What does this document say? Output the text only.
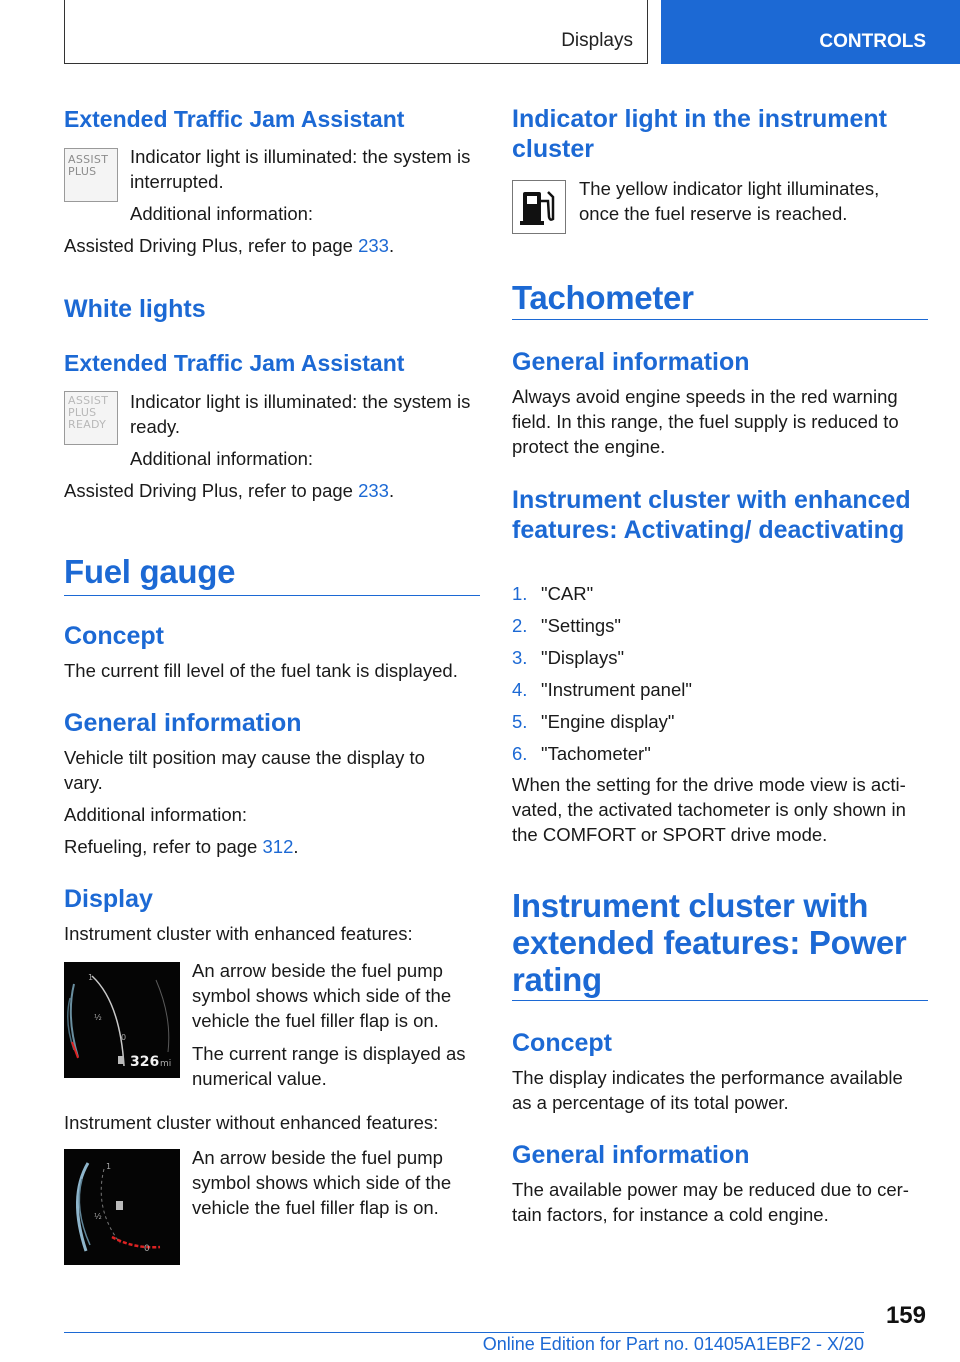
Displays	CONTROLS
Extended Traffic Jam Assistant
ASSIST
PLUS

Indicator light is illuminated: the system is interrupted.

Additional information:

Assisted Driving Plus, refer to page 233.

White lights
Extended Traffic Jam Assistant
ASSIST
PLUS
READY

Indicator light is illuminated: the system is ready.

Additional information:

Assisted Driving Plus, refer to page 233.

Fuel gauge
Concept

The current fill level of the fuel tank is displayed.

General information

Vehicle tilt position may cause the display to vary.

Additional information:

Refueling, refer to page 312.

Display

Instrument cluster with enhanced features:

1
½
0
326 mi

An arrow beside the fuel pump symbol shows which side of the vehicle the fuel filler flap is on.

The current range is displayed as numerical value.

Instrument cluster without enhanced features:

1
½
0

An arrow beside the fuel pump symbol shows which side of the vehicle the fuel filler flap is on.

Indicator light in the instrument cluster

The yellow indicator light illuminates, once the fuel reserve is reached.

Tachometer
General information

Always avoid engine speeds in the red warning field. In this range, the fuel supply is reduced to protect the engine.

Instrument cluster with enhanced features: Activating/ deactivating
1. "CAR"
2. "Settings"
3. "Displays"
4. "Instrument panel"
5. "Engine display"
6. "Tachometer"

When the setting for the drive mode view is activated, the activated tachometer is only shown in the COMFORT or SPORT drive mode.

Instrument cluster with extended features: Power rating
Concept

The display indicates the performance available as a percentage of its total power.

General information

The available power may be reduced due to certain factors, for instance a cold engine.

159
Online Edition for Part no. 01405A1EBF2 - X/20
